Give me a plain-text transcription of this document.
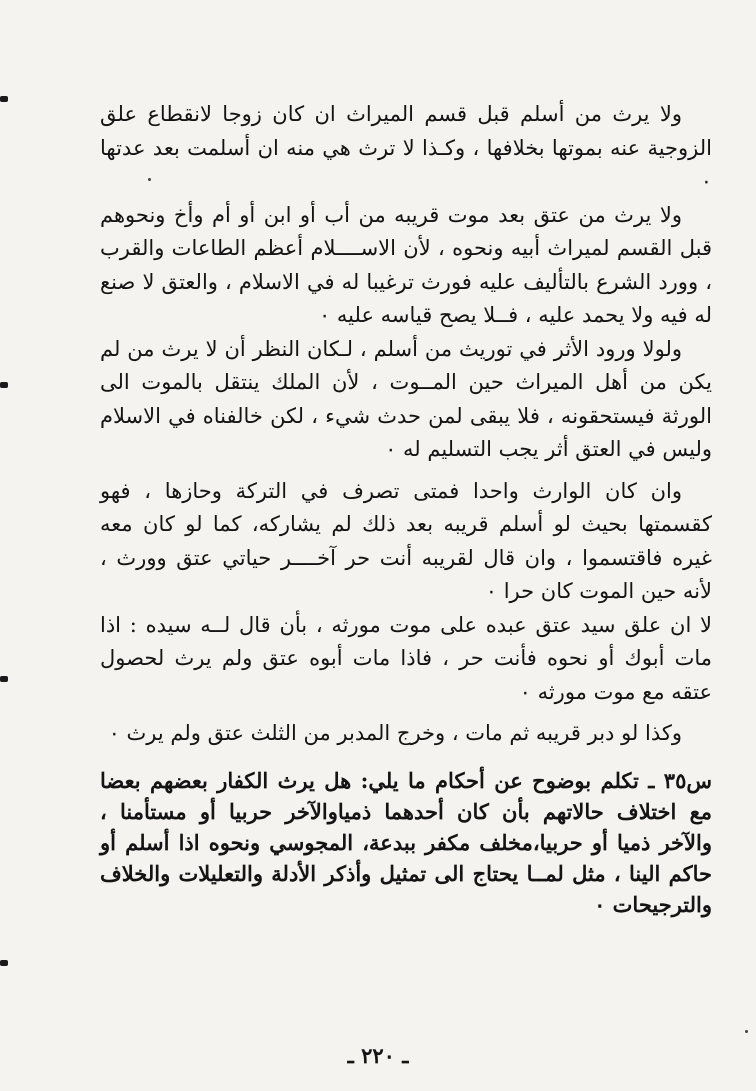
ولا يرث من أسلم قبل قسم الميراث ان كان زوجا لانقطاع علق الزوجية عنه بموتها بخلافها ، وكـذا لا ترث هي منه ان أسلمت بعد عدتها ٠

ولا يرث من عتق بعد موت قريبه من أب أو ابن أو أم وأخ ونحوهم قبل القسم لميراث أبيه ونحوه ، لأن الاســــلام أعظم الطاعات والقرب ، وورد الشرع بالتأليف عليه فورث ترغيبا له في الاسلام ، والعتق لا صنع له فيه ولا يحمد عليه ، فــلا يصح قياسه عليه ٠

ولولا ورود الأثر في توريث من أسلم ، لـكان النظر أن لا يرث من لم يكن من أهل الميراث حين المــوت ، لأن الملك ينتقل بالموت الى الورثة فيستحقونه ، فلا يبقى لمن حدث شيء ، لكن خالفناه في الاسلام وليس في العتق أثر يجب التسليم له ٠

وان كان الوارث واحدا فمتى تصرف في التركة وحازها ، فهو كقسمتها بحيث لو أسلم قريبه بعد ذلك لم يشاركه، كما لو كان معه غيره فاقتسموا ، وان قال لقريبه أنت حر آخــــر حياتي عتق وورث ، لأنه حين الموت كان حرا ٠

لا ان علق سيد عتق عبده على موت مورثه ، بأن قال لــه سيده : اذا مات أبوك أو نحوه فأنت حر ، فاذا مات أبوه عتق ولم يرث لحصول عتقه مع موت مورثه ٠

وكذا لو دبر قريبه ثم مات ، وخرج المدبر من الثلث عتق ولم يرث ٠

س٣٥ ـ تكلم بوضوح عن أحكام ما يلي: هل يرث الكفار بعضهم بعضا مع اختلاف حالاتهم بأن كان أحدهما ذمياوالآخر حربيا أو مستأمنا ، والآخر ذميا أو حربيا،مخلف مكفر ببدعة، المجوسي ونحوه اذا أسلم أو حاكم الينا ، مثل لمــا يحتاج الى تمثيل وأذكر الأدلة والتعليلات والخلاف والترجيحات ٠

ـ ٢٢٠ ـ
